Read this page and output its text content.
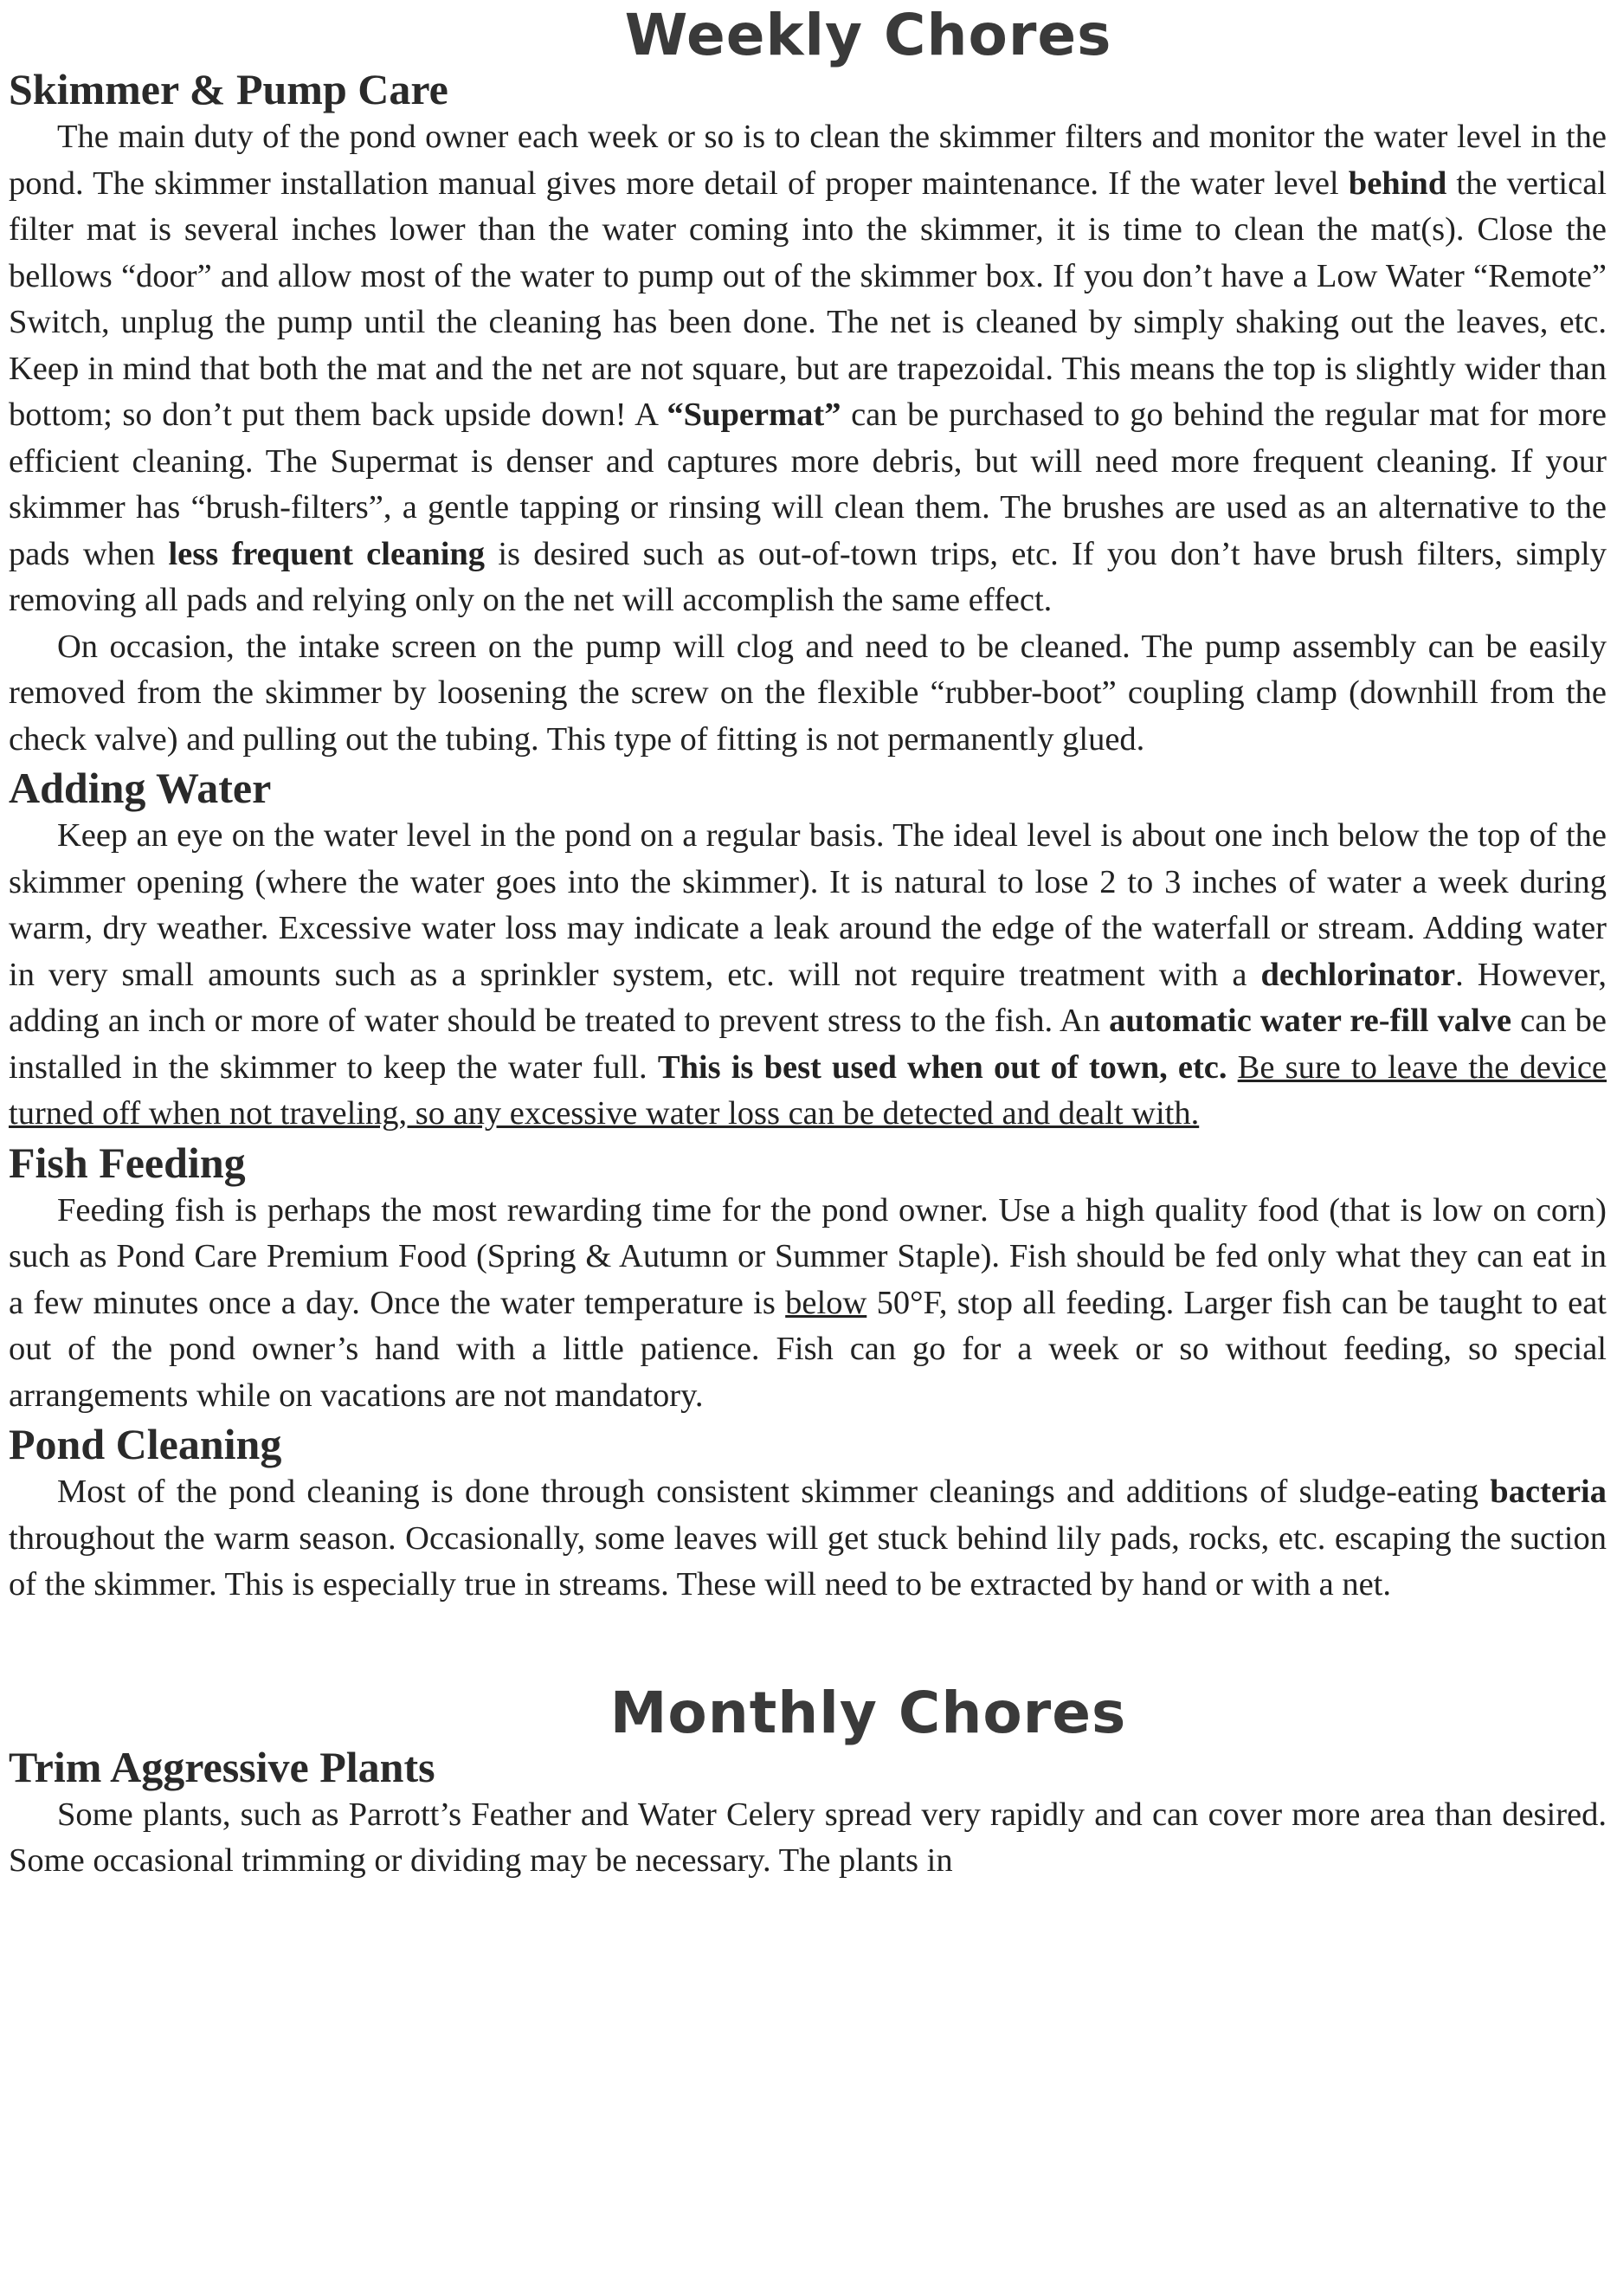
Weekly Chores
Skimmer & Pump Care

The main duty of the pond owner each week or so is to clean the skimmer filters and monitor the water level in the pond. The skimmer installation manual gives more detail of proper maintenance. If the water level behind the vertical filter mat is several inches lower than the water coming into the skimmer, it is time to clean the mat(s). Close the bellows “door” and allow most of the water to pump out of the skimmer box. If you don’t have a Low Water “Remote” Switch, unplug the pump until the cleaning has been done. The net is cleaned by simply shaking out the leaves, etc. Keep in mind that both the mat and the net are not square, but are trapezoidal. This means the top is slightly wider than bottom; so don’t put them back upside down! A “Supermat” can be purchased to go behind the regular mat for more efficient cleaning. The Supermat is denser and captures more debris, but will need more frequent cleaning. If your skimmer has “brush-filters”, a gentle tapping or rinsing will clean them. The brushes are used as an alternative to the pads when less frequent cleaning is desired such as out-of-town trips, etc. If you don’t have brush filters, simply removing all pads and relying only on the net will accomplish the same effect.

On occasion, the intake screen on the pump will clog and need to be cleaned. The pump assembly can be easily removed from the skimmer by loosening the screw on the flexible “rubber-boot” coupling clamp (downhill from the check valve) and pulling out the tubing. This type of fitting is not permanently glued.

Adding Water

Keep an eye on the water level in the pond on a regular basis. The ideal level is about one inch below the top of the skimmer opening (where the water goes into the skimmer). It is natural to lose 2 to 3 inches of water a week during warm, dry weather. Excessive water loss may indicate a leak around the edge of the waterfall or stream. Adding water in very small amounts such as a sprinkler system, etc. will not require treatment with a dechlorinator. However, adding an inch or more of water should be treated to prevent stress to the fish. An automatic water re-fill valve can be installed in the skimmer to keep the water full. This is best used when out of town, etc. Be sure to leave the device turned off when not traveling, so any excessive water loss can be detected and dealt with.

Fish Feeding

Feeding fish is perhaps the most rewarding time for the pond owner. Use a high quality food (that is low on corn) such as Pond Care Premium Food (Spring & Autumn or Summer Staple). Fish should be fed only what they can eat in a few minutes once a day. Once the water temperature is below 50°F, stop all feeding. Larger fish can be taught to eat out of the pond owner’s hand with a little patience. Fish can go for a week or so without feeding, so special arrangements while on vacations are not mandatory.

Pond Cleaning

Most of the pond cleaning is done through consistent skimmer cleanings and additions of sludge-eating bacteria throughout the warm season. Occasionally, some leaves will get stuck behind lily pads, rocks, etc. escaping the suction of the skimmer. This is especially true in streams. These will need to be extracted by hand or with a net.

Monthly Chores
Trim Aggressive Plants

Some plants, such as Parrott’s Feather and Water Celery spread very rapidly and can cover more area than desired. Some occasional trimming or dividing may be necessary. The plants in
